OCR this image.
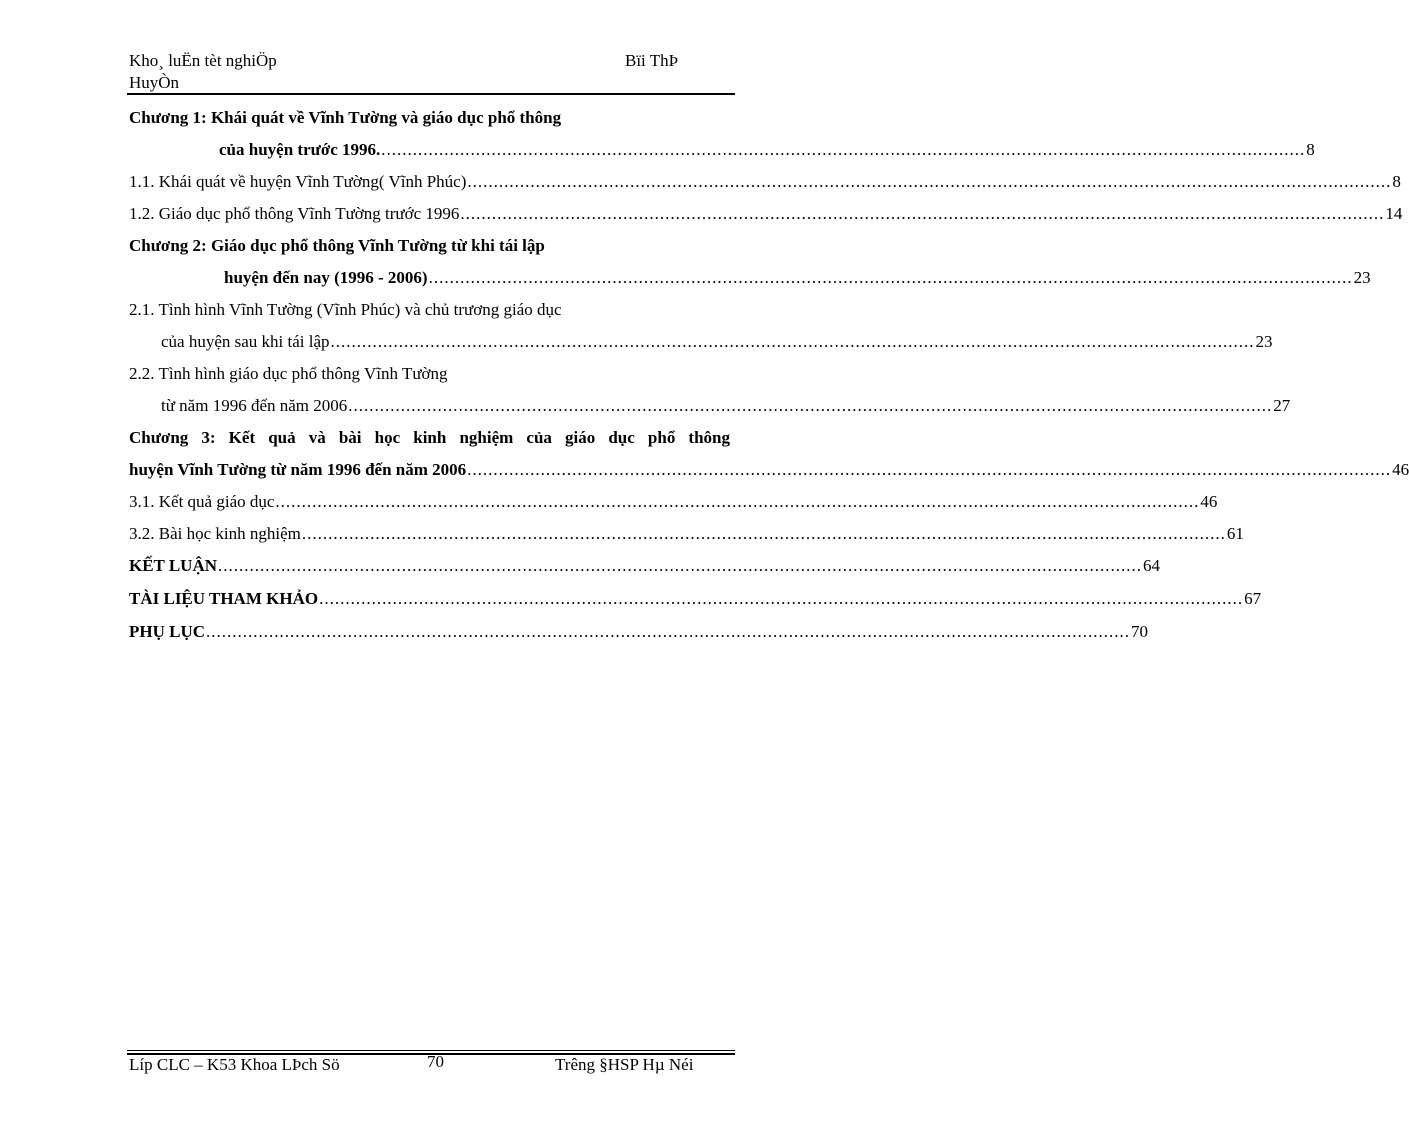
Kho¸ luËn tèt nghiÖp
HuyÒn
Bïi ThÞ
Chương 1: Khái quát về Vĩnh Tường và giáo dục phổ thông
của huyện trước 1996. ................................................................................................................................................................................ 8
1.1. Khái quát về huyện Vĩnh Tường( Vĩnh Phúc) ................................................................................................................................................................................ 8
1.2. Giáo dục phổ thông Vĩnh Tường trước 1996 ................................................................................................................................................................................ 14
Chương 2: Giáo dục phổ thông Vĩnh Tường từ khi tái lập
huyện đến nay (1996 - 2006) ................................................................................................................................................................................ 23
2.1. Tình hình Vĩnh Tường (Vĩnh Phúc) và chủ trương giáo dục
của huyện sau khi tái lập ................................................................................................................................................................................ 23
2.2. Tình hình giáo dục phổ thông Vĩnh Tường
từ năm 1996 đến năm 2006 ................................................................................................................................................................................ 27
Chương 3: Kết quả và bài học kinh nghiệm của giáo dục phổ thông
huyện Vĩnh Tường từ năm 1996 đến năm 2006 ................................................................................................................................................................................ 46
3.1. Kết quả giáo dục ................................................................................................................................................................................ 46
3.2. Bài học kinh nghiệm ................................................................................................................................................................................ 61
KẾT LUẬN ................................................................................................................................................................................ 64
TÀI LIỆU THAM KHẢO ................................................................................................................................................................................ 67
PHỤ LỤC ................................................................................................................................................................................ 70
Líp CLC – K53 Khoa LÞch Sö	70	Trêng §HSP Hµ Néi
